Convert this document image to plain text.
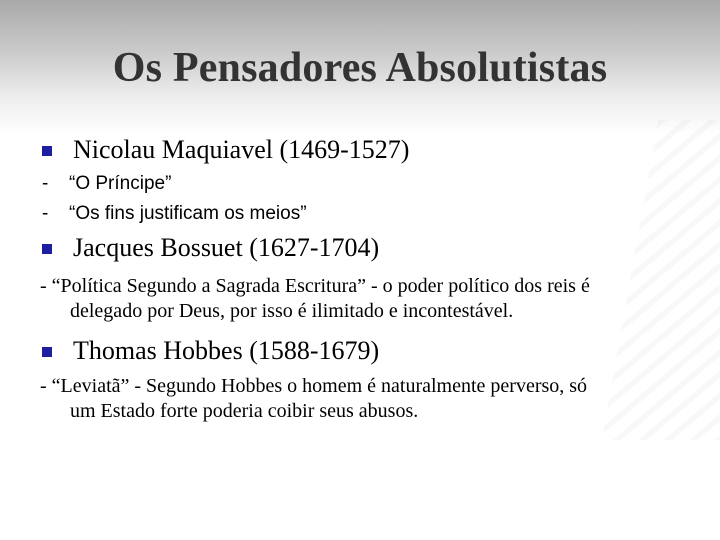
Os Pensadores Absolutistas
Nicolau Maquiavel (1469-1527)
- “O Príncipe”
- “Os fins justificam os meios”
Jacques Bossuet (1627-1704)
- “Política Segundo a Sagrada Escritura” - o poder político dos reis é
delegado por Deus, por isso é ilimitado e incontestável.
Thomas Hobbes (1588-1679)
- “Leviatã” - Segundo Hobbes o homem é naturalmente perverso, só
um Estado forte poderia coibir seus abusos.
